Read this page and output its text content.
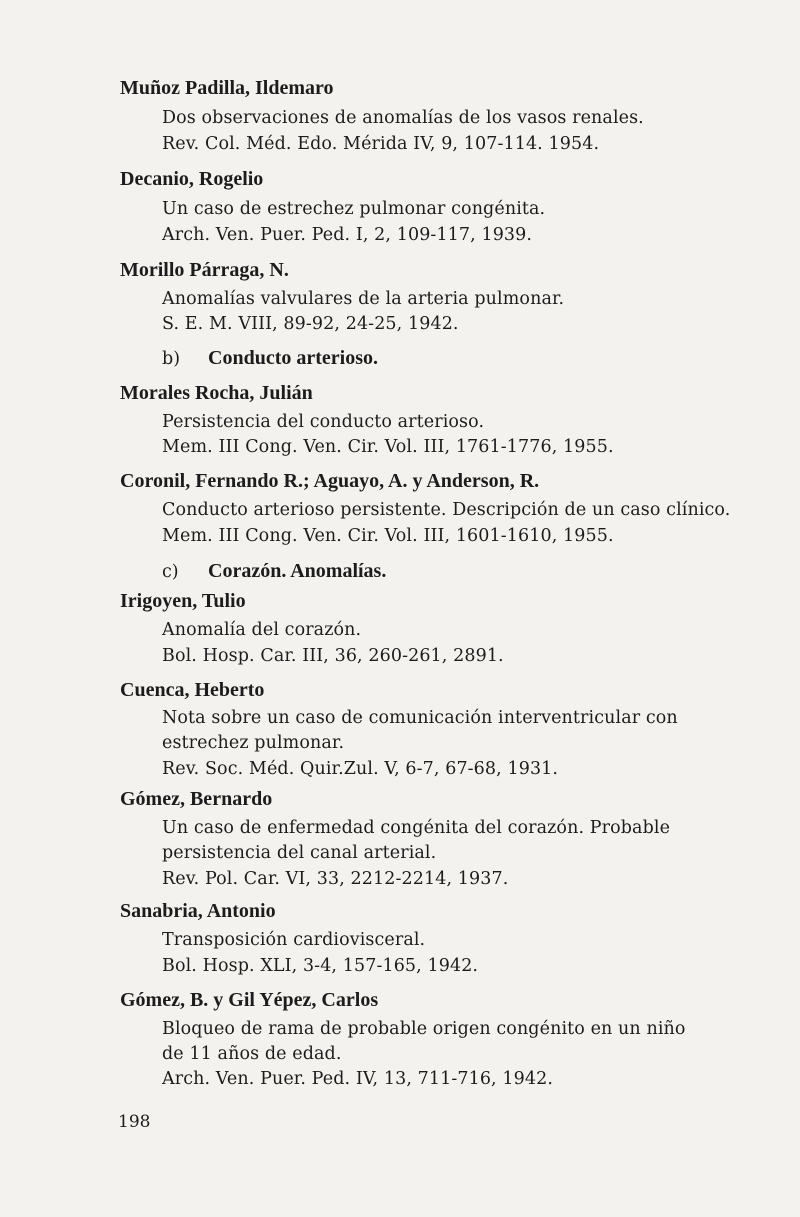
Muñoz Padilla, Ildemaro
Dos observaciones de anomalías de los vasos renales.
Rev. Col. Méd. Edo. Mérida IV, 9, 107-114. 1954.
Decanio, Rogelio
Un caso de estrechez pulmonar congénita.
Arch. Ven. Puer. Ped. I, 2, 109-117, 1939.
Morillo Párraga, N.
Anomalías valvulares de la arteria pulmonar.
S. E. M. VIII, 89-92, 24-25, 1942.
b) Conducto arterioso.
Morales Rocha, Julián
Persistencia del conducto arterioso.
Mem. III Cong. Ven. Cir. Vol. III, 1761-1776, 1955.
Coronil, Fernando R.; Aguayo, A. y Anderson, R.
Conducto arterioso persistente. Descripción de un caso clínico.
Mem. III Cong. Ven. Cir. Vol. III, 1601-1610, 1955.
c) Corazón. Anomalías.
Irigoyen, Tulio
Anomalía del corazón.
Bol. Hosp. Car. III, 36, 260-261, 2891.
Cuenca, Heberto
Nota sobre un caso de comunicación interventricular con
estrechez pulmonar.
Rev. Soc. Méd. Quir.Zul. V, 6-7, 67-68, 1931.
Gómez, Bernardo
Un caso de enfermedad congénita del corazón. Probable
persistencia del canal arterial.
Rev. Pol. Car. VI, 33, 2212-2214, 1937.
Sanabria, Antonio
Transposición cardiovisceral.
Bol. Hosp. XLI, 3-4, 157-165, 1942.
Gómez, B. y Gil Yépez, Carlos
Bloqueo de rama de probable origen congénito en un niño
de 11 años de edad.
Arch. Ven. Puer. Ped. IV, 13, 711-716, 1942.
198
